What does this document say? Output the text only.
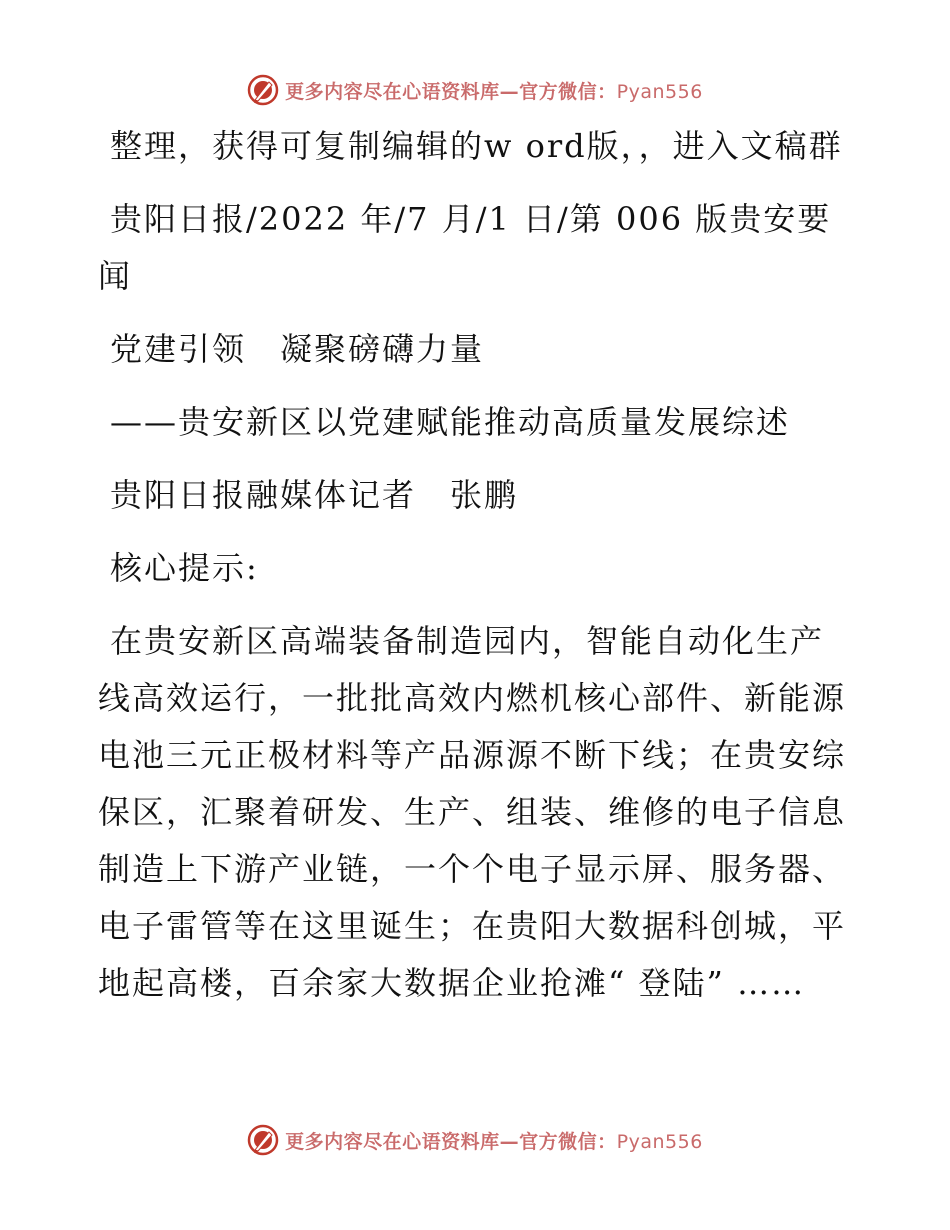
更多内容尽在心语资料库—官方微信：Pyan556

整理，获得可复制编辑的w ord版，，进入文稿群

贵阳日报/2022 年/7 月/1 日/第 006 版贵安要闻

党建引领　凝聚磅礴力量

——贵安新区以党建赋能推动高质量发展综述

贵阳日报融媒体记者　张鹏

核心提示:

在贵安新区高端装备制造园内，智能自动化生产线高效运行，一批批高效内燃机核心部件、新能源电池三元正极材料等产品源源不断下线；在贵安综保区，汇聚着研发、生产、组装、维修的电子信息制造上下游产业链，一个个电子显示屏、服务器、电子雷管等在这里诞生；在贵阳大数据科创城，平地起高楼，百余家大数据企业抢滩“ 登陆” ……

更多内容尽在心语资料库—官方微信：Pyan556
